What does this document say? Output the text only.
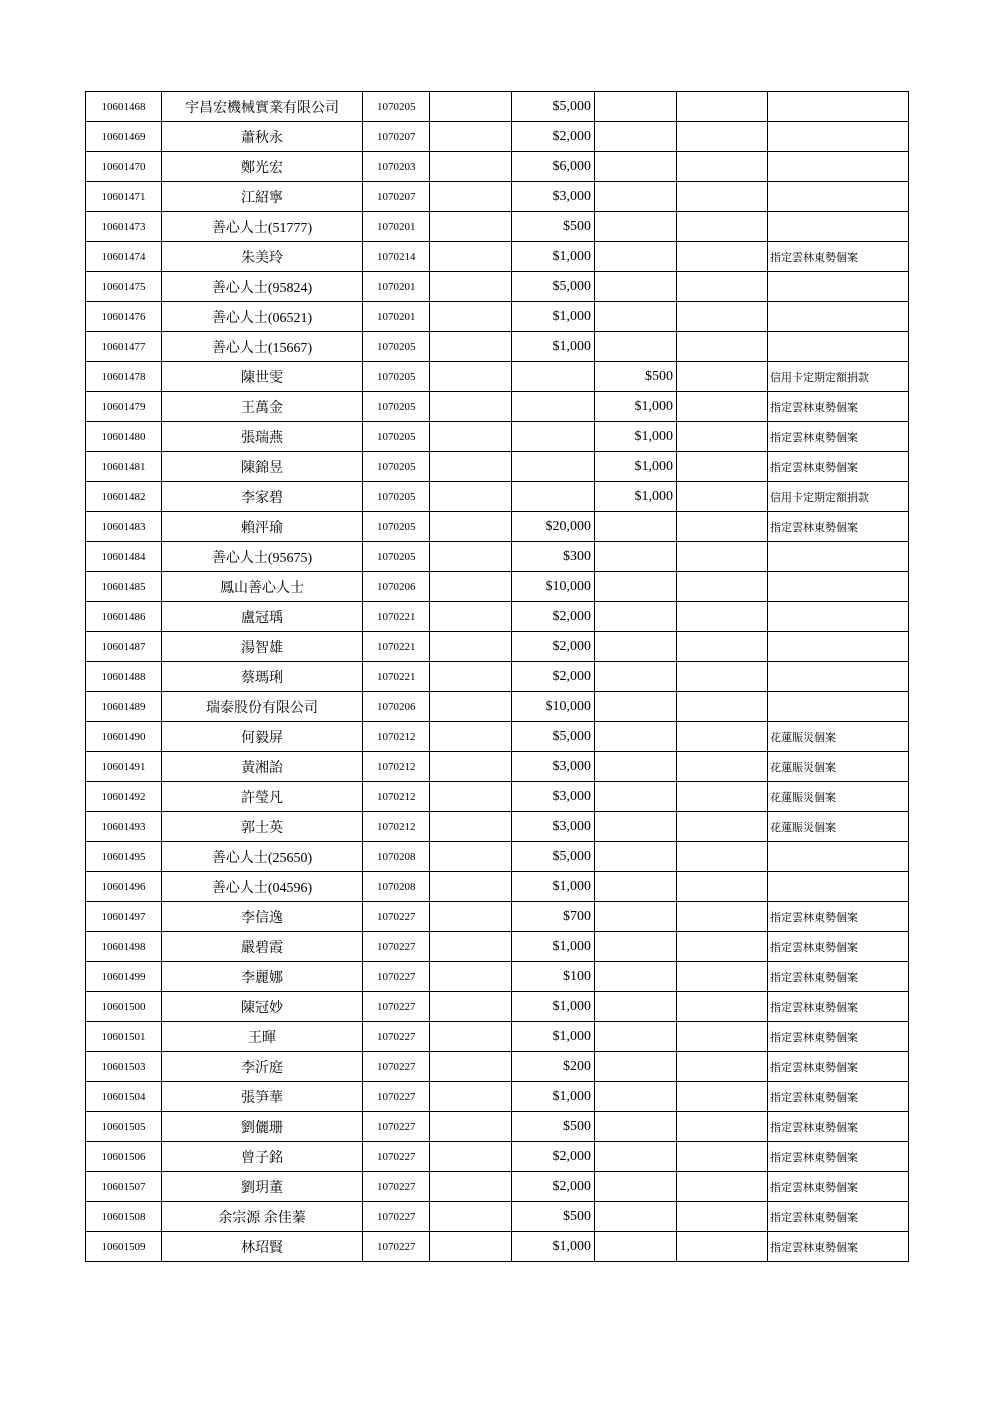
10601468	宇昌宏機械實業有限公司	1070205		$5,000			
10601469	蕭秋永	1070207		$2,000			
10601470	鄭光宏	1070203		$6,000			
10601471	江紹寧	1070207		$3,000			
10601473	善心人士(51777)	1070201		$500			
10601474	朱美玲	1070214		$1,000			指定雲林東勢個案
10601475	善心人士(95824)	1070201		$5,000			
10601476	善心人士(06521)	1070201		$1,000			
10601477	善心人士(15667)	1070205		$1,000			
10601478	陳世雯	1070205			$500		信用卡定期定額捐款
10601479	王萬金	1070205			$1,000		指定雲林東勢個案
10601480	張瑞燕	1070205			$1,000		指定雲林東勢個案
10601481	陳錦昱	1070205			$1,000		指定雲林東勢個案
10601482	李家碧	1070205			$1,000		信用卡定期定額捐款
10601483	賴泙瑜	1070205		$20,000			指定雲林東勢個案
10601484	善心人士(95675)	1070205		$300			
10601485	鳳山善心人士	1070206		$10,000			
10601486	盧冠瑀	1070221		$2,000			
10601487	湯智雄	1070221		$2,000			
10601488	蔡瑪琍	1070221		$2,000			
10601489	瑞泰股份有限公司	1070206		$10,000			
10601490	何毅屏	1070212		$5,000			花蓮賑災個案
10601491	黃湘詒	1070212		$3,000			花蓮賑災個案
10601492	許瑩凡	1070212		$3,000			花蓮賑災個案
10601493	郭士英	1070212		$3,000			花蓮賑災個案
10601495	善心人士(25650)	1070208		$5,000			
10601496	善心人士(04596)	1070208		$1,000			
10601497	李信逸	1070227		$700			指定雲林東勢個案
10601498	嚴碧霞	1070227		$1,000			指定雲林東勢個案
10601499	李麗娜	1070227		$100			指定雲林東勢個案
10601500	陳冠妙	1070227		$1,000			指定雲林東勢個案
10601501	王暉	1070227		$1,000			指定雲林東勢個案
10601503	李沂庭	1070227		$200			指定雲林東勢個案
10601504	張笋華	1070227		$1,000			指定雲林東勢個案
10601505	劉儷珊	1070227		$500			指定雲林東勢個案
10601506	曾子銘	1070227		$2,000			指定雲林東勢個案
10601507	劉玥董	1070227		$2,000			指定雲林東勢個案
10601508	余宗源 余佳蓁	1070227		$500			指定雲林東勢個案
10601509	林玿賢	1070227		$1,000			指定雲林東勢個案
